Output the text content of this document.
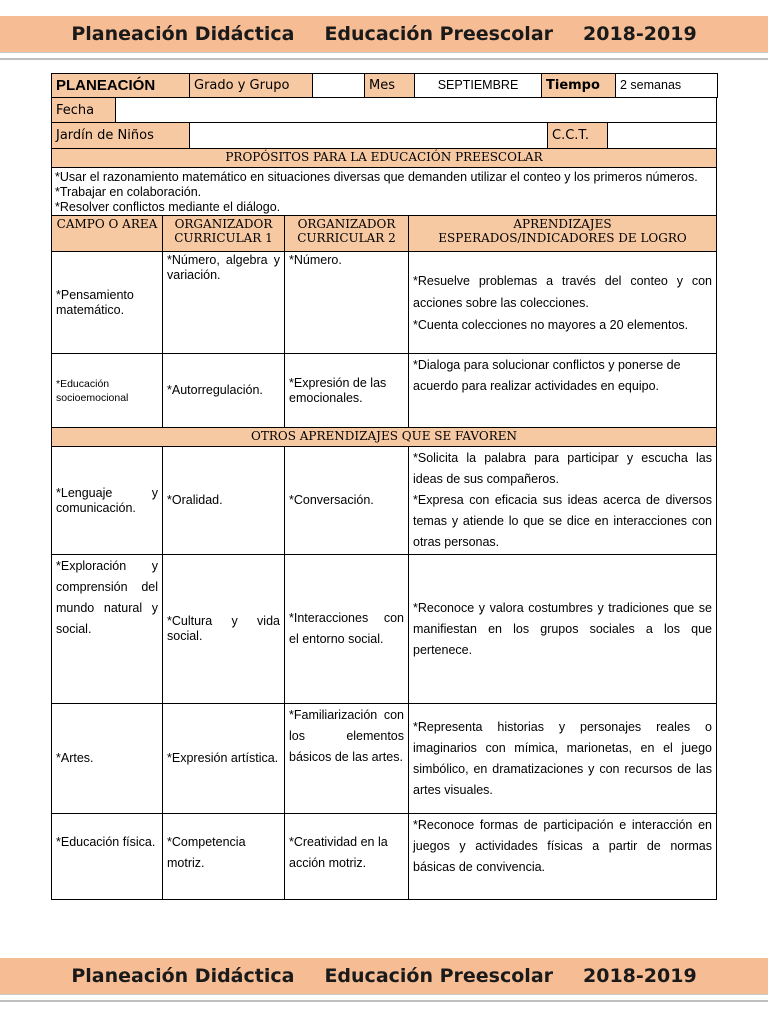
Planeación Didáctica Educación Preescolar 2018-2019
PLANEACIÓN	Grado y Grupo		Mes	SEPTIEMBRE	Tiempo	2 semanas
Fecha	
Jardín de Niños		C.C.T.	
PROPÓSITOS PARA LA EDUCACIÓN PREESCOLAR			

*Usar el razonamiento matemático en situaciones diversas que demanden utilizar el conteo y los primeros números.
*Trabajar en colaboración.
*Resolver conflictos mediante el diálogo.			

CAMPO O AREA	ORGANIZADOR CURRICULAR 1	ORGANIZADOR CURRICULAR 2	APRENDIZAJES
ESPERADOS/INDICADORES DE LOGRO

*Pensamiento matemático.	*Número, algebra y variación.	*Número.	*Resuelve problemas a través del conteo y con acciones sobre las colecciones.
*Cuenta colecciones no mayores a 20 elementos.

*Educación socioemocional	*Autorregulación.	*Expresión de las emocionales.	*Dialoga para solucionar conflictos y ponerse de acuerdo para realizar actividades en equipo.

OTROS APRENDIZAJES QUE SE FAVOREN			
*Lenguaje y comunicación.	*Oralidad.	*Conversación.	*Solicita la palabra para participar y escucha las ideas de sus compañeros.
*Expresa con eficacia sus ideas acerca de diversos temas y atiende lo que se dice en interacciones con otras personas.

*Exploración y comprensión del mundo natural y social.	*Cultura y vida social.	*Interacciones con el entorno social.	*Reconoce y valora costumbres y tradiciones que se manifiestan en los grupos sociales a los que pertenece.

*Artes.	*Expresión artística.	*Familiarización con los elementos básicos de las artes.	*Representa historias y personajes reales o imaginarios con mímica, marionetas, en el juego simbólico, en dramatizaciones y con recursos de las artes visuales.

*Educación física.	*Competencia motriz.	*Creatividad en la acción motriz.	*Reconoce formas de participación e interacción en juegos y actividades físicas a partir de normas básicas de convivencia.
Planeación Didáctica Educación Preescolar 2018-2019
